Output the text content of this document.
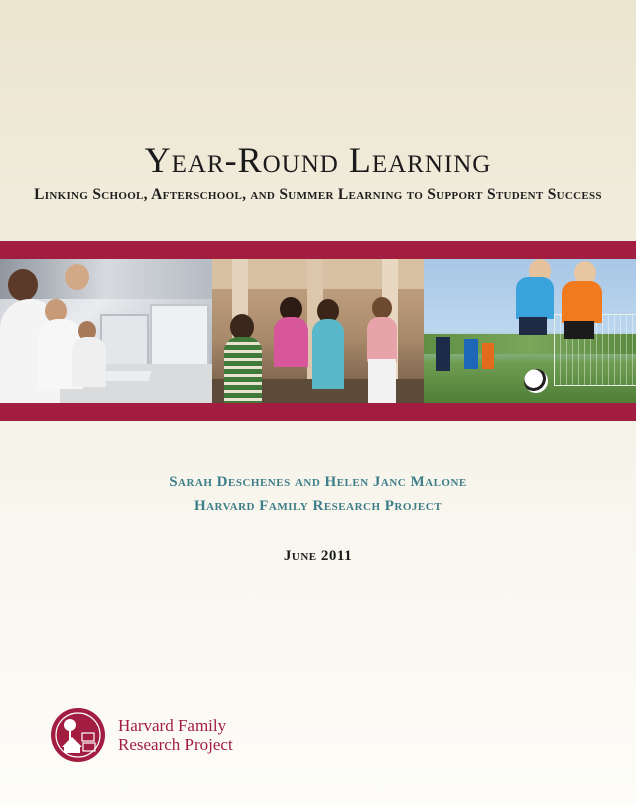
Year-Round Learning
Linking School, Afterschool, and Summer Learning to Support Student Success
Sarah Deschenes and Helen Janc Malone
Harvard Family Research Project
June 2011
Harvard Family
Research Project
